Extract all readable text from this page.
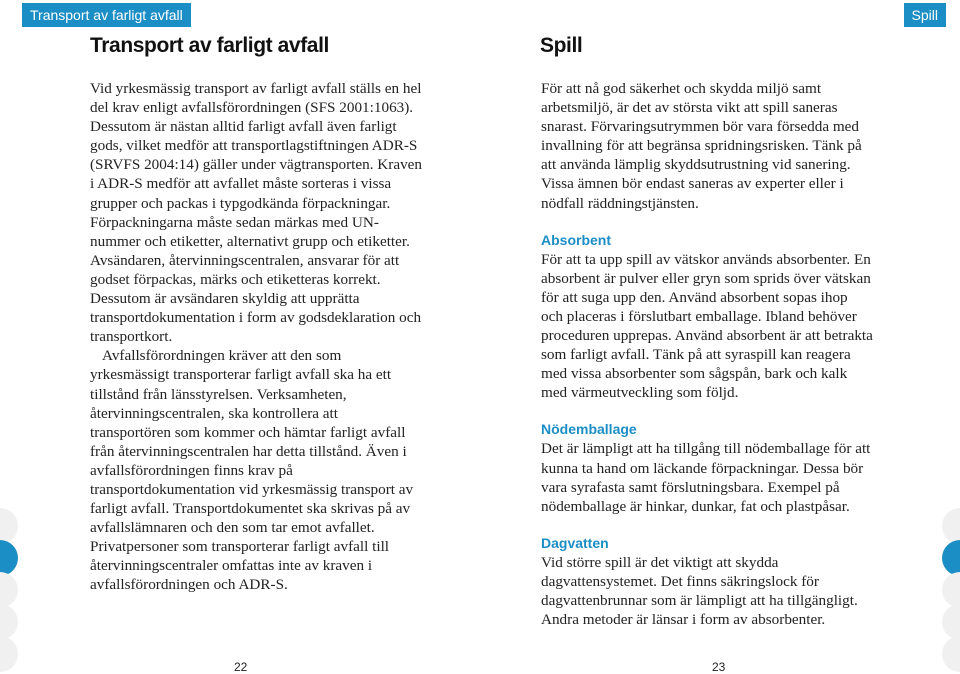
Transport av farligt avfall
Transport av farligt avfall

Vid yrkesmässig transport av farligt avfall ställs en hel del krav enligt avfallsförordningen (SFS 2001:1063). Dessutom är nästan alltid farligt avfall även farligt gods, vilket medför att transportlagstiftningen ADR-S (SRVFS 2004:14) gäller under vägtransporten. Kraven i ADR-S medför att avfallet måste sorteras i vissa grupper och packas i typgodkända förpackningar. Förpackningarna måste sedan märkas med UN-nummer och etiketter, alternativt grupp och etiketter. Avsändaren, återvinningscentralen, ansvarar för att godset förpackas, märks och etiketteras korrekt. Dessutom är avsändaren skyldig att upprätta transportdokumentation i form av godsdeklaration och transportkort.

Avfallsförordningen kräver att den som yrkesmässigt transporterar farligt avfall ska ha ett tillstånd från länsstyrelsen. Verksamheten, återvinningscentralen, ska kontrollera att transportören som kommer och hämtar farligt avfall från återvinningscentralen har detta tillstånd. Även i avfallsförordningen finns krav på transportdokumentation vid yrkesmässig transport av farligt avfall. Transportdokumentet ska skrivas på av avfallslämnaren och den som tar emot avfallet. Privatpersoner som transporterar farligt avfall till återvinningscentraler omfattas inte av kraven i avfallsförordningen och ADR-S.

22
Spill
Spill

För att nå god säkerhet och skydda miljö samt arbetsmiljö, är det av största vikt att spill saneras snarast. Förvaringsutrymmen bör vara försedda med invallning för att begränsa spridningsrisken. Tänk på att använda lämplig skyddsutrustning vid sanering. Vissa ämnen bör endast saneras av experter eller i nödfall räddningstjänsten.

Absorbent

För att ta upp spill av vätskor används absorbenter. En absorbent är pulver eller gryn som sprids över vätskan för att suga upp den. Använd absorbent sopas ihop och placeras i förslutbart emballage. Ibland behöver proceduren upprepas. Använd absorbent är att betrakta som farligt avfall. Tänk på att syraspill kan reagera med vissa absorbenter som sågspån, bark och kalk med värmeutveckling som följd.

Nödemballage

Det är lämpligt att ha tillgång till nödemballage för att kunna ta hand om läckande förpackningar. Dessa bör vara syrafasta samt förslutningsbara. Exempel på nödemballage är hinkar, dunkar, fat och plastpåsar.

Dagvatten

Vid större spill är det viktigt att skydda dagvattensystemet. Det finns säkringslock för dagvattenbrunnar som är lämpligt att ha tillgängligt. Andra metoder är länsar i form av absorbenter.

23
